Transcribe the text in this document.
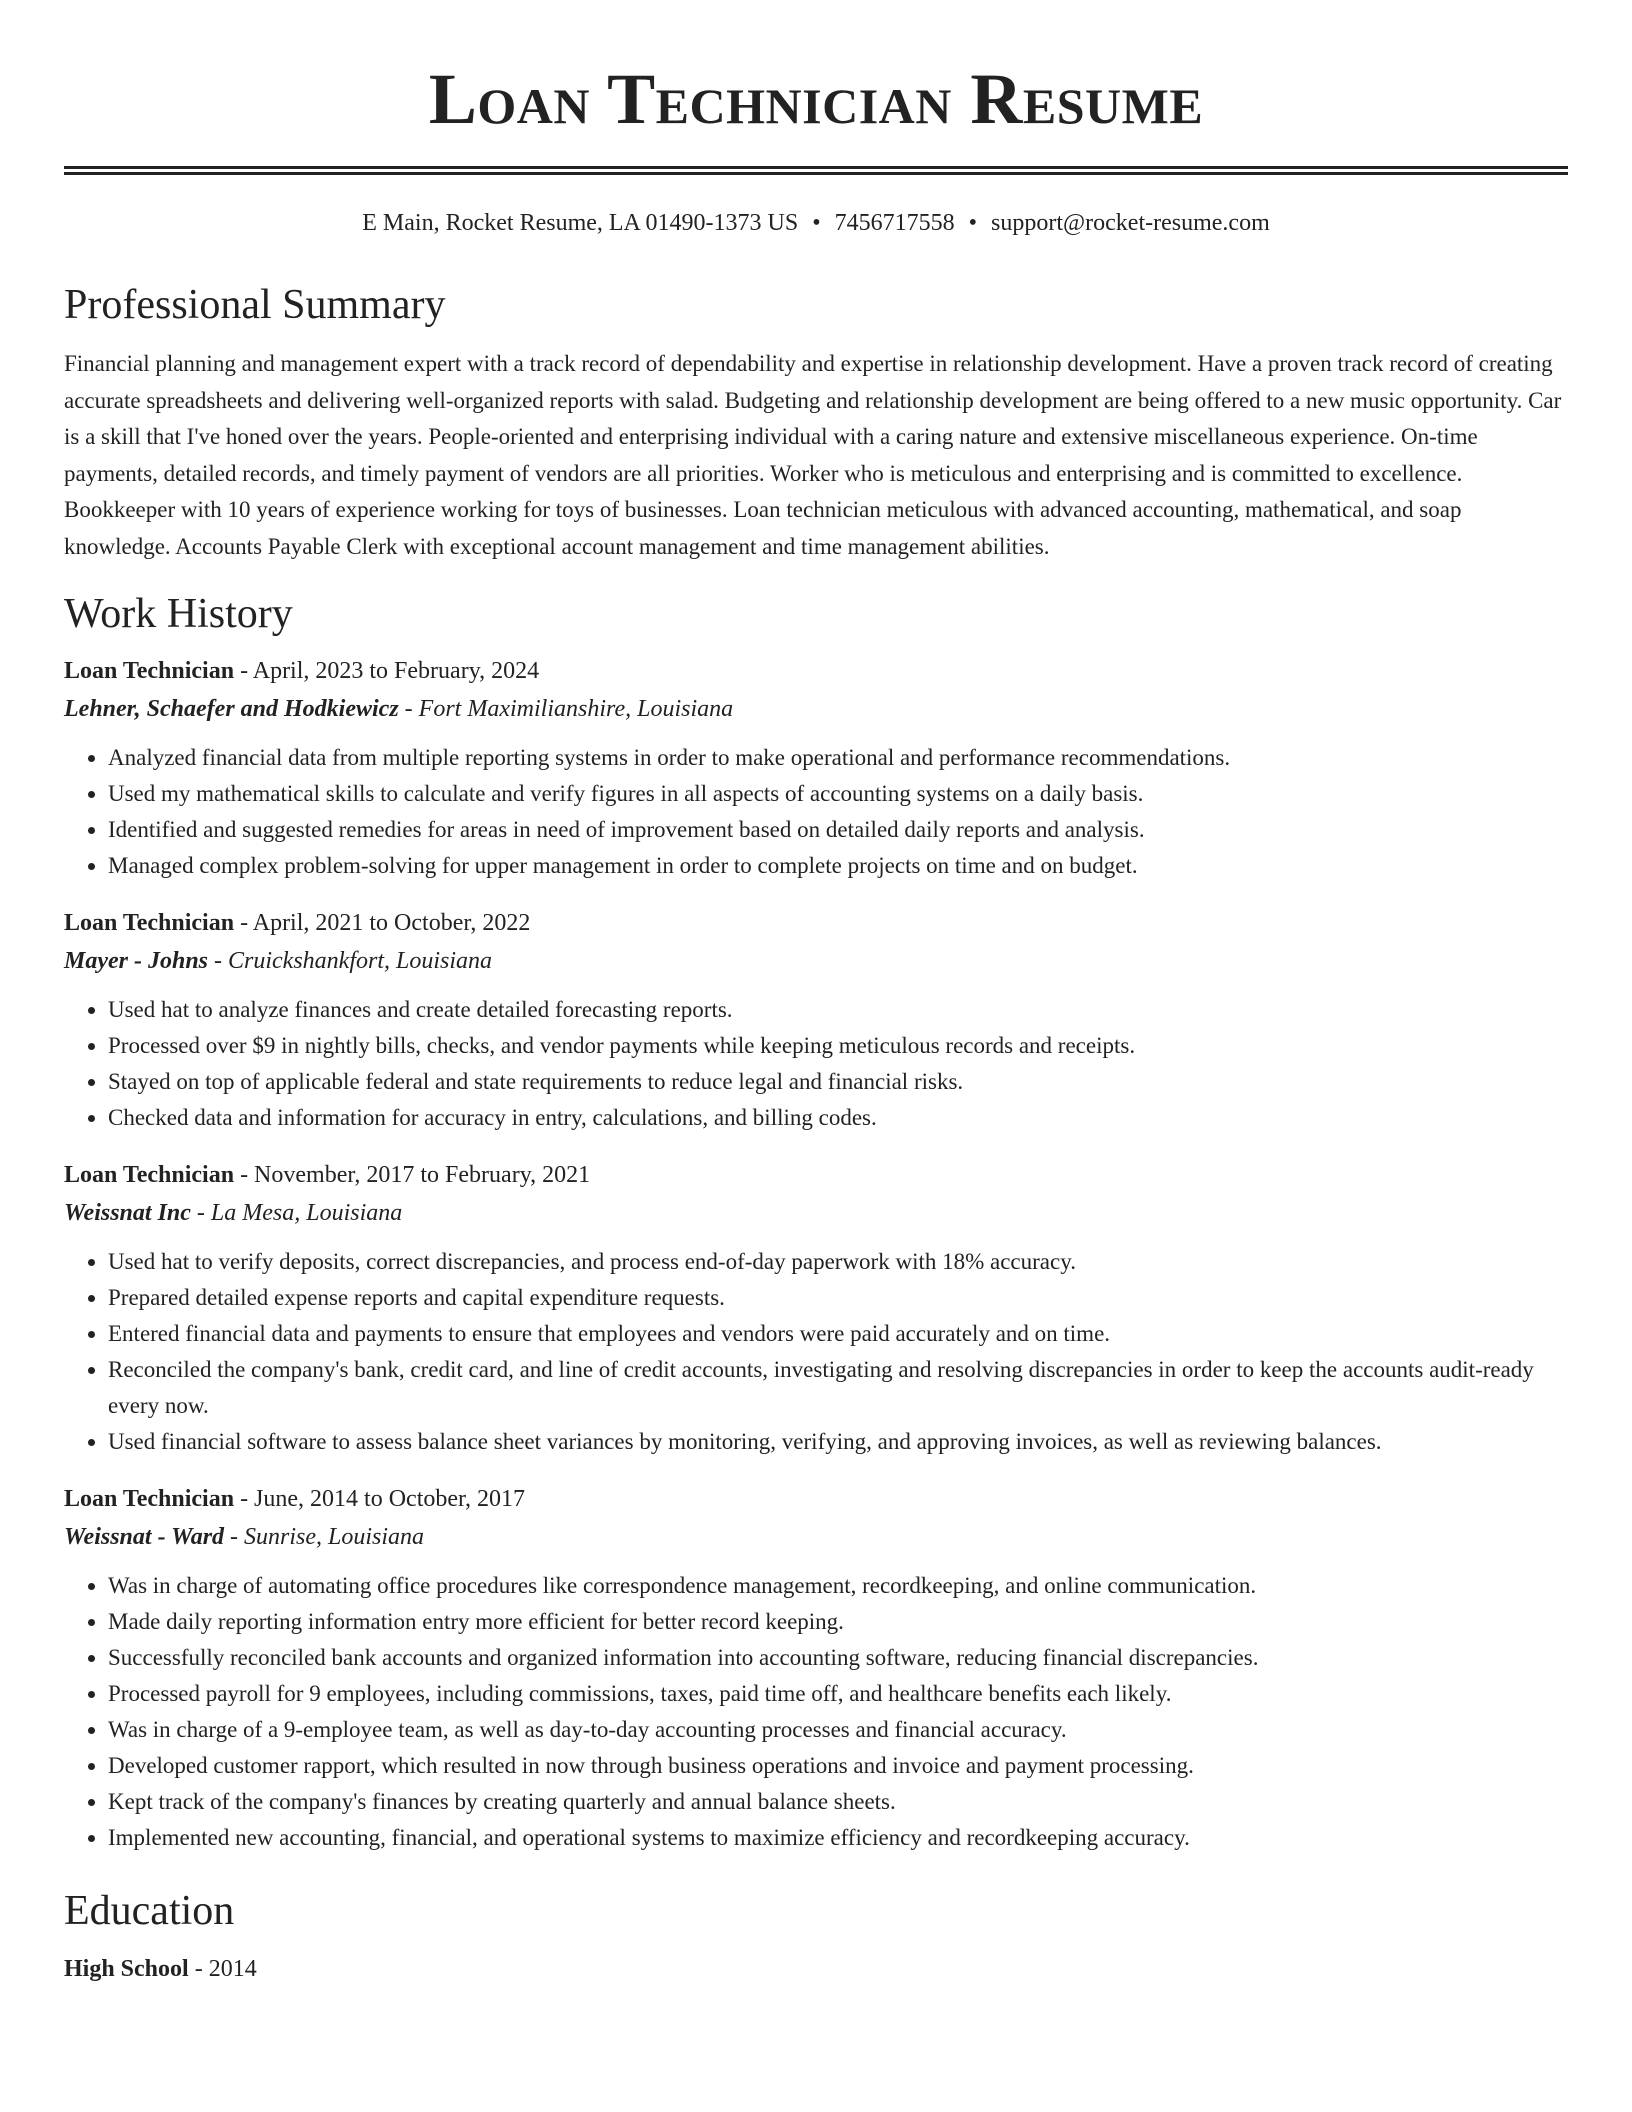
Loan Technician Resume
E Main, Rocket Resume, LA 01490-1373 US • 7456717558 • support@rocket-resume.com
Professional Summary

Financial planning and management expert with a track record of dependability and expertise in relationship development. Have a proven track record of creating accurate spreadsheets and delivering well-organized reports with salad. Budgeting and relationship development are being offered to a new music opportunity. Car is a skill that I've honed over the years. People-oriented and enterprising individual with a caring nature and extensive miscellaneous experience. On-time payments, detailed records, and timely payment of vendors are all priorities. Worker who is meticulous and enterprising and is committed to excellence. Bookkeeper with 10 years of experience working for toys of businesses. Loan technician meticulous with advanced accounting, mathematical, and soap knowledge. Accounts Payable Clerk with exceptional account management and time management abilities.

Work History
Loan Technician - April, 2023 to February, 2024
Lehner, Schaefer and Hodkiewicz - Fort Maximilianshire, Louisiana
• Analyzed financial data from multiple reporting systems in order to make operational and performance recommendations.
• Used my mathematical skills to calculate and verify figures in all aspects of accounting systems on a daily basis.
• Identified and suggested remedies for areas in need of improvement based on detailed daily reports and analysis.
• Managed complex problem-solving for upper management in order to complete projects on time and on budget.
Loan Technician - April, 2021 to October, 2022
Mayer - Johns - Cruickshankfort, Louisiana
• Used hat to analyze finances and create detailed forecasting reports.
• Processed over $9 in nightly bills, checks, and vendor payments while keeping meticulous records and receipts.
• Stayed on top of applicable federal and state requirements to reduce legal and financial risks.
• Checked data and information for accuracy in entry, calculations, and billing codes.
Loan Technician - November, 2017 to February, 2021
Weissnat Inc - La Mesa, Louisiana
• Used hat to verify deposits, correct discrepancies, and process end-of-day paperwork with 18% accuracy.
• Prepared detailed expense reports and capital expenditure requests.
• Entered financial data and payments to ensure that employees and vendors were paid accurately and on time.
• Reconciled the company's bank, credit card, and line of credit accounts, investigating and resolving discrepancies in order to keep the accounts audit-ready every now.
• Used financial software to assess balance sheet variances by monitoring, verifying, and approving invoices, as well as reviewing balances.
Loan Technician - June, 2014 to October, 2017
Weissnat - Ward - Sunrise, Louisiana
• Was in charge of automating office procedures like correspondence management, recordkeeping, and online communication.
• Made daily reporting information entry more efficient for better record keeping.
• Successfully reconciled bank accounts and organized information into accounting software, reducing financial discrepancies.
• Processed payroll for 9 employees, including commissions, taxes, paid time off, and healthcare benefits each likely.
• Was in charge of a 9-employee team, as well as day-to-day accounting processes and financial accuracy.
• Developed customer rapport, which resulted in now through business operations and invoice and payment processing.
• Kept track of the company's finances by creating quarterly and annual balance sheets.
• Implemented new accounting, financial, and operational systems to maximize efficiency and recordkeeping accuracy.
Education
High School - 2014
